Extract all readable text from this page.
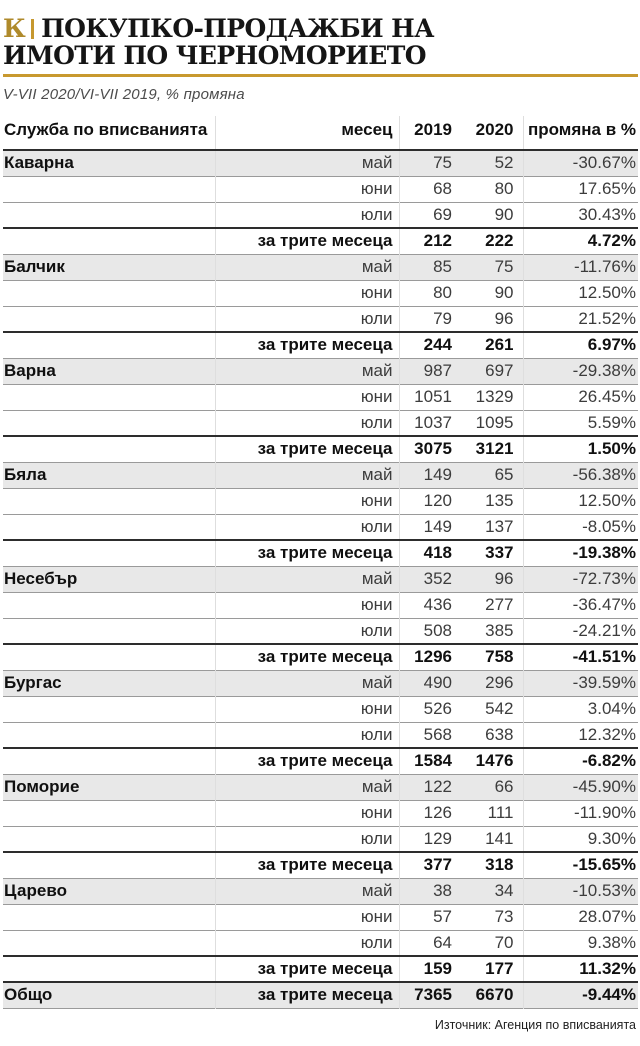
К ПОКУПКО-ПРОДАЖБИ НА
ИМОТИ ПО ЧЕРНОМОРИЕТО
V-VII 2020/VI-VII 2019, % промяна
Служба по вписванията	месец	2019	2020	промяна в %
Каварна	май	75	52	-30.67%
	юни	68	80	17.65%
	юли	69	90	30.43%
	за трите месеца	212	222	4.72%
Балчик	май	85	75	-11.76%
	юни	80	90	12.50%
	юли	79	96	21.52%
	за трите месеца	244	261	6.97%
Варна	май	987	697	-29.38%
	юни	1051	1329	26.45%
	юли	1037	1095	5.59%
	за трите месеца	3075	3121	1.50%
Бяла	май	149	65	-56.38%
	юни	120	135	12.50%
	юли	149	137	-8.05%
	за трите месеца	418	337	-19.38%
Несебър	май	352	96	-72.73%
	юни	436	277	-36.47%
	юли	508	385	-24.21%
	за трите месеца	1296	758	-41.51%
Бургас	май	490	296	-39.59%
	юни	526	542	3.04%
	юли	568	638	12.32%
	за трите месеца	1584	1476	-6.82%
Поморие	май	122	66	-45.90%
	юни	126	111	-11.90%
	юли	129	141	9.30%
	за трите месеца	377	318	-15.65%
Царево	май	38	34	-10.53%
	юни	57	73	28.07%
	юли	64	70	9.38%
	за трите месеца	159	177	11.32%
Общо	за трите месеца	7365	6670	-9.44%
Източник: Агенция по вписванията
